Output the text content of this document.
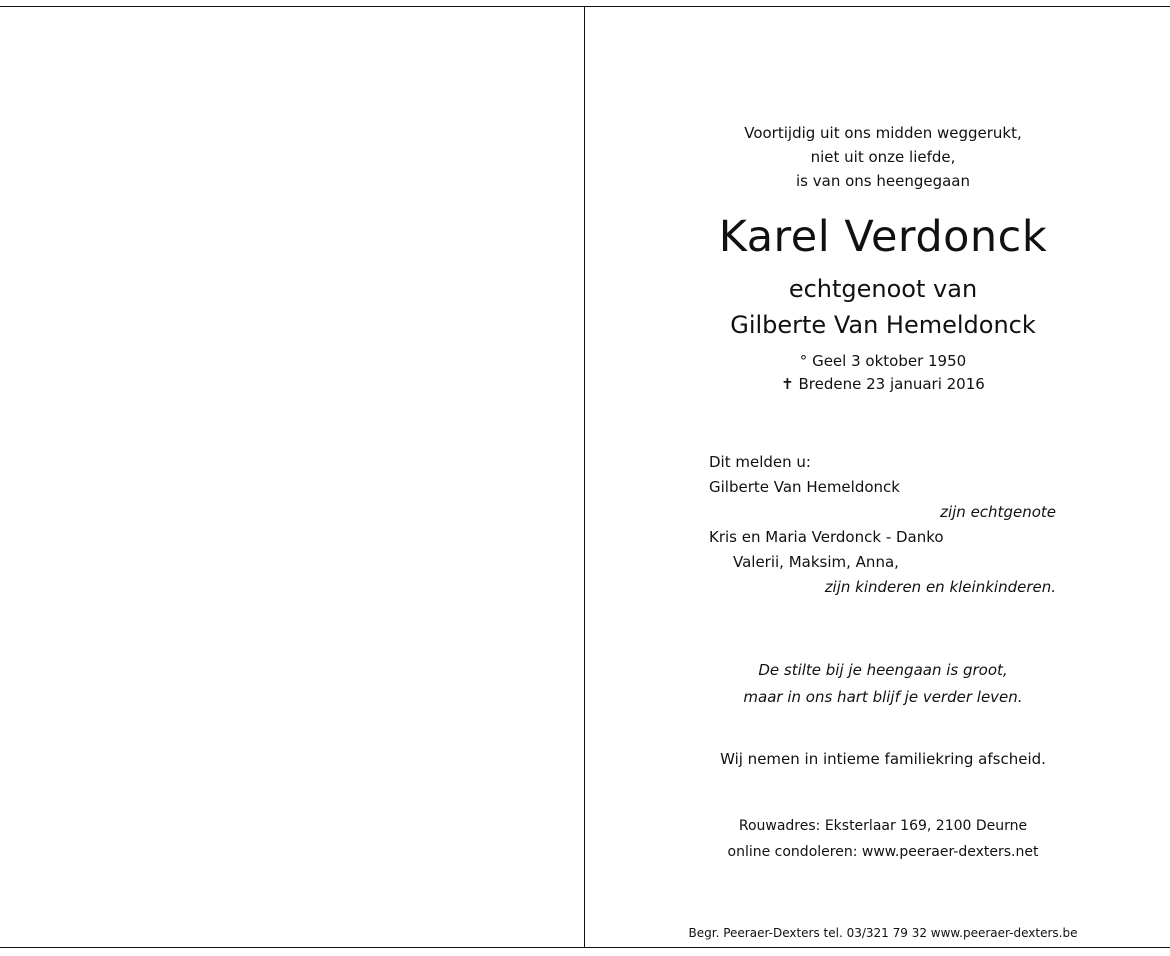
Voortijdig uit ons midden weggerukt,
niet uit onze liefde,
is van ons heengegaan
Karel Verdonck
echtgenoot van
Gilberte Van Hemeldonck
° Geel 3 oktober 1950
✝ Bredene 23 januari 2016
Dit melden u:
Gilberte Van Hemeldonck
zijn echtgenote
Kris en Maria Verdonck - Danko
Valerii, Maksim, Anna,
zijn kinderen en kleinkinderen.
De stilte bij je heengaan is groot,
maar in ons hart blijf je verder leven.
Wij nemen in intieme familiekring afscheid.
Rouwadres: Eksterlaar 169, 2100 Deurne
online condoleren: www.peeraer-dexters.net
Begr. Peeraer-Dexters tel. 03/321 79 32 www.peeraer-dexters.be
